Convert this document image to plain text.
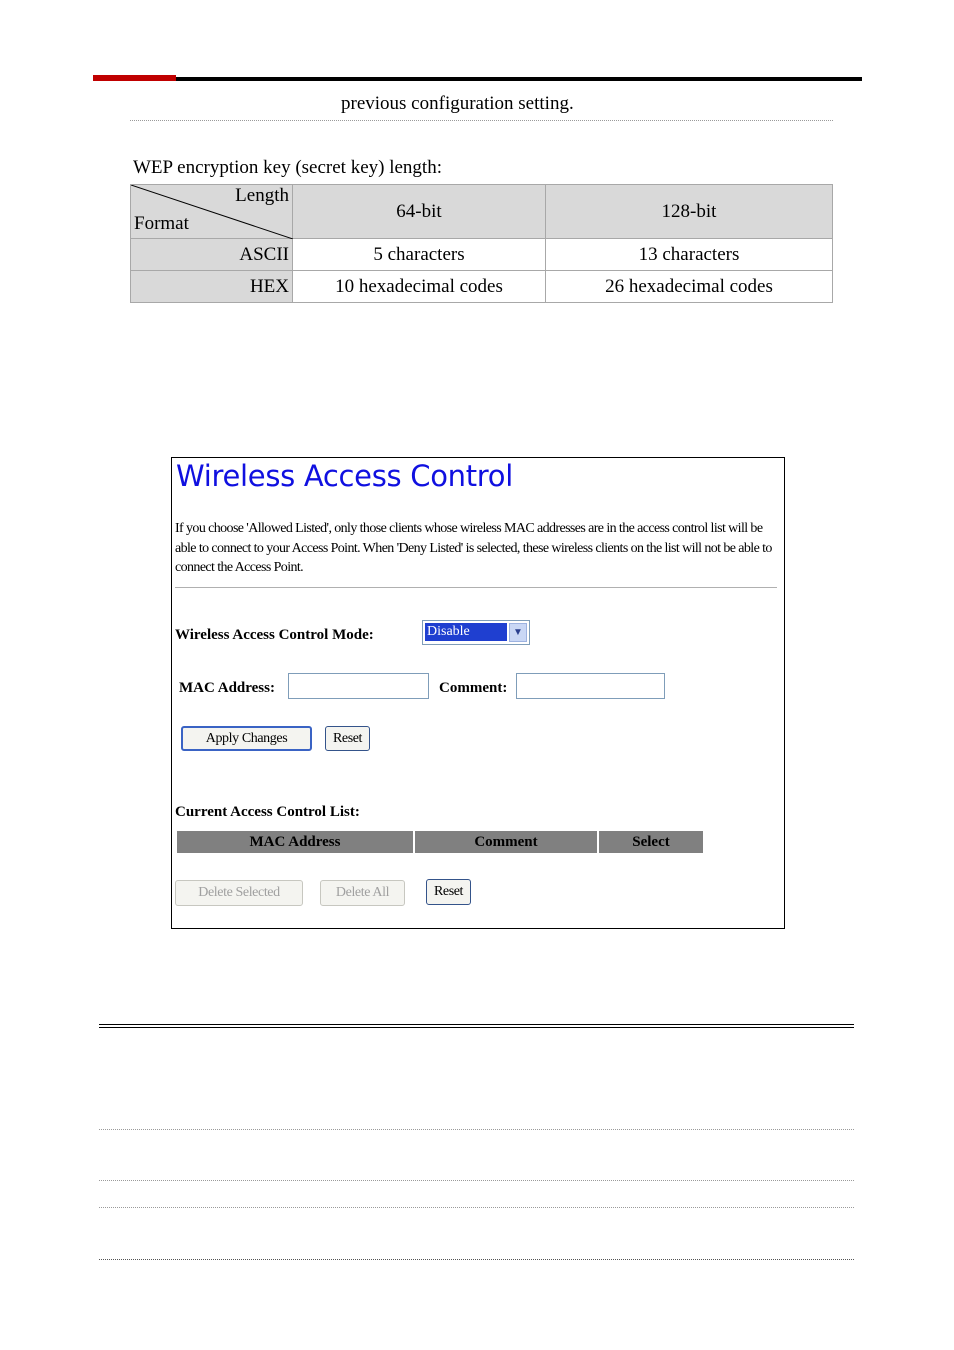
previous configuration setting.
WEP encryption key (secret key) length:
Length
Format	64-bit	128-bit
ASCII	5 characters	13 characters
HEX	10 hexadecimal codes	26 hexadecimal codes
Wireless Access Control
If you choose 'Allowed Listed', only those clients whose wireless MAC addresses are in the access control list will be able to connect to your Access Point. When 'Deny Listed' is selected, these wireless clients on the list will not be able to connect the Access Point.
Wireless Access Control Mode:	Disable	▼
MAC Address:	Comment:
Apply Changes	Reset
Current Access Control List:
MAC Address	Comment	Select
Delete Selected	Delete All	Reset
